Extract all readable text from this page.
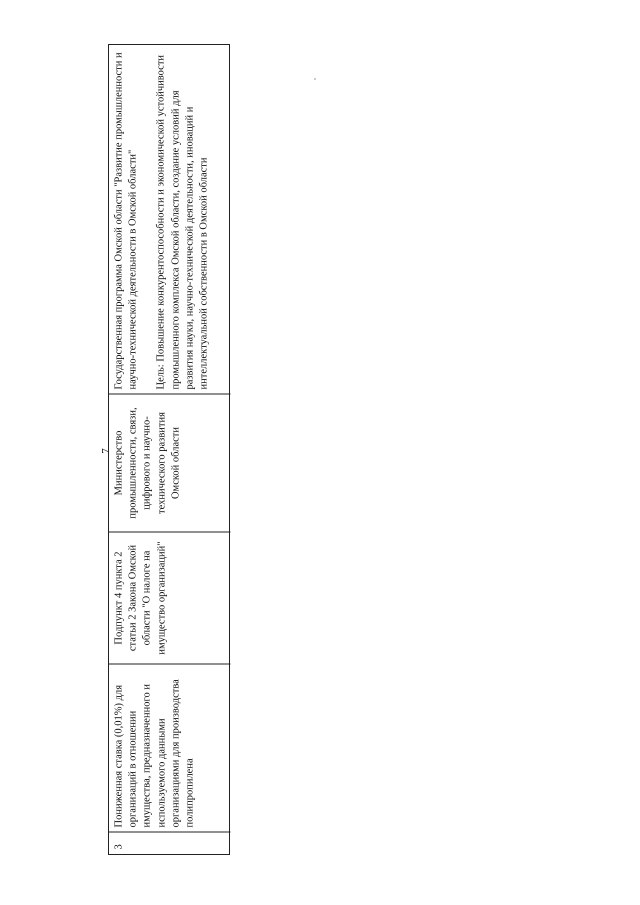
7
3
Пониженная ставка (0,01%) для организаций в отношении имущества, предназначенного и используемого данными организациями для производства полипропилена
Подпункт 4 пункта 2 статьи 2 Закона Омской области "О налоге на имущество организаций"
Министерство промышленности, связи, цифрового и научно-технического развития Омской области
Государственная программа Омской области "Развитие промышленности и научно-технической деятельности в Омской области" Цель: Повышение конкурентоспособности и экономической устойчивости промышленного комплекса Омской области, создание условий для развития науки, научно-технической деятельности, иноваций и интеллектуальной собственности в Омской области
